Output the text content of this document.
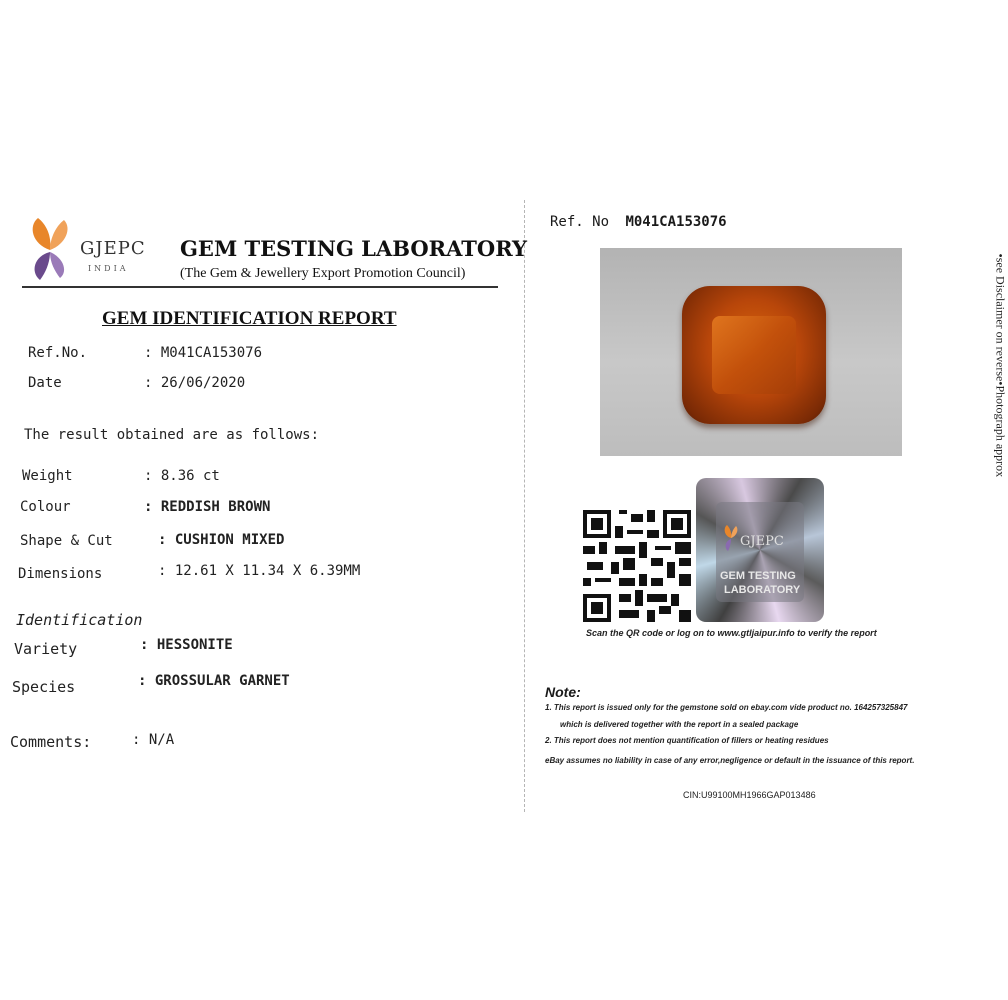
GJEPC
INDIA
GEM TESTING LABORATORY
(The Gem & Jewellery Export Promotion Council)
GEM IDENTIFICATION REPORT
Ref.No.	: M041CA153076
Date	: 26/06/2020
The result obtained are as follows:
Weight	: 8.36 ct
Colour	: REDDISH BROWN
Shape & Cut	: CUSHION MIXED
Dimensions	: 12.61 X 11.34 X 6.39MM
Identification
Variety	: HESSONITE
Species	: GROSSULAR GARNET
Comments:	: N/A
Ref. No M041CA153076
GJEPC
GEM TESTING
LABORATORY
Scan the QR code or log on to www.gtljaipur.info to verify the report
Note:
1. This report is issued only for the gemstone sold on ebay.com vide product no. 164257325847
which is delivered together with the report in a sealed package
2. This report does not mention quantification of fillers or heating residues
eBay assumes no liability in case of any error,negligence or default in the issuance of this report.
CIN:U99100MH1966GAP013486
•see Disclaimer on reverse•Photograph approx
